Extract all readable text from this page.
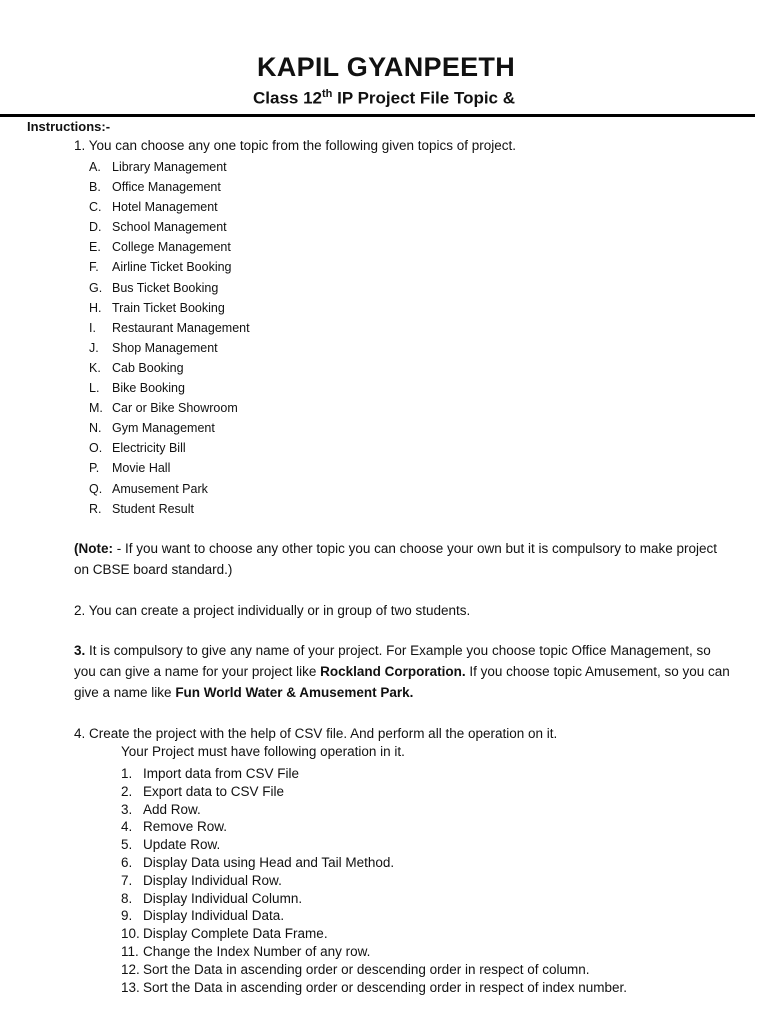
KAPIL GYANPEETH
Class 12th IP Project File Topic &
Instructions:-
1. You can choose any one topic from the following given topics of project.
A. Library Management
B. Office Management
C. Hotel Management
D. School Management
E. College Management
F. Airline Ticket Booking
G. Bus Ticket Booking
H. Train Ticket Booking
I. Restaurant Management
J. Shop Management
K. Cab Booking
L. Bike Booking
M. Car or Bike Showroom
N. Gym Management
O. Electricity Bill
P. Movie Hall
Q. Amusement Park
R. Student Result
(Note: - If you want to choose any other topic you can choose your own but it is compulsory to make project on CBSE board standard.)
2. You can create a project individually or in group of two students.
3. It is compulsory to give any name of your project. For Example you choose topic Office Management, so you can give a name for your project like Rockland Corporation. If you choose topic Amusement, so you can give a name like Fun World Water & Amusement Park.
4. Create the project with the help of CSV file. And perform all the operation on it.
Your Project must have following operation in it.
1. Import data from CSV File
2. Export data to CSV File
3. Add Row.
4. Remove Row.
5. Update Row.
6. Display Data using Head and Tail Method.
7. Display Individual Row.
8. Display Individual Column.
9. Display Individual Data.
10. Display Complete Data Frame.
11. Change the Index Number of any row.
12. Sort the Data in ascending order or descending order in respect of column.
13. Sort the Data in ascending order or descending order in respect of index number.
